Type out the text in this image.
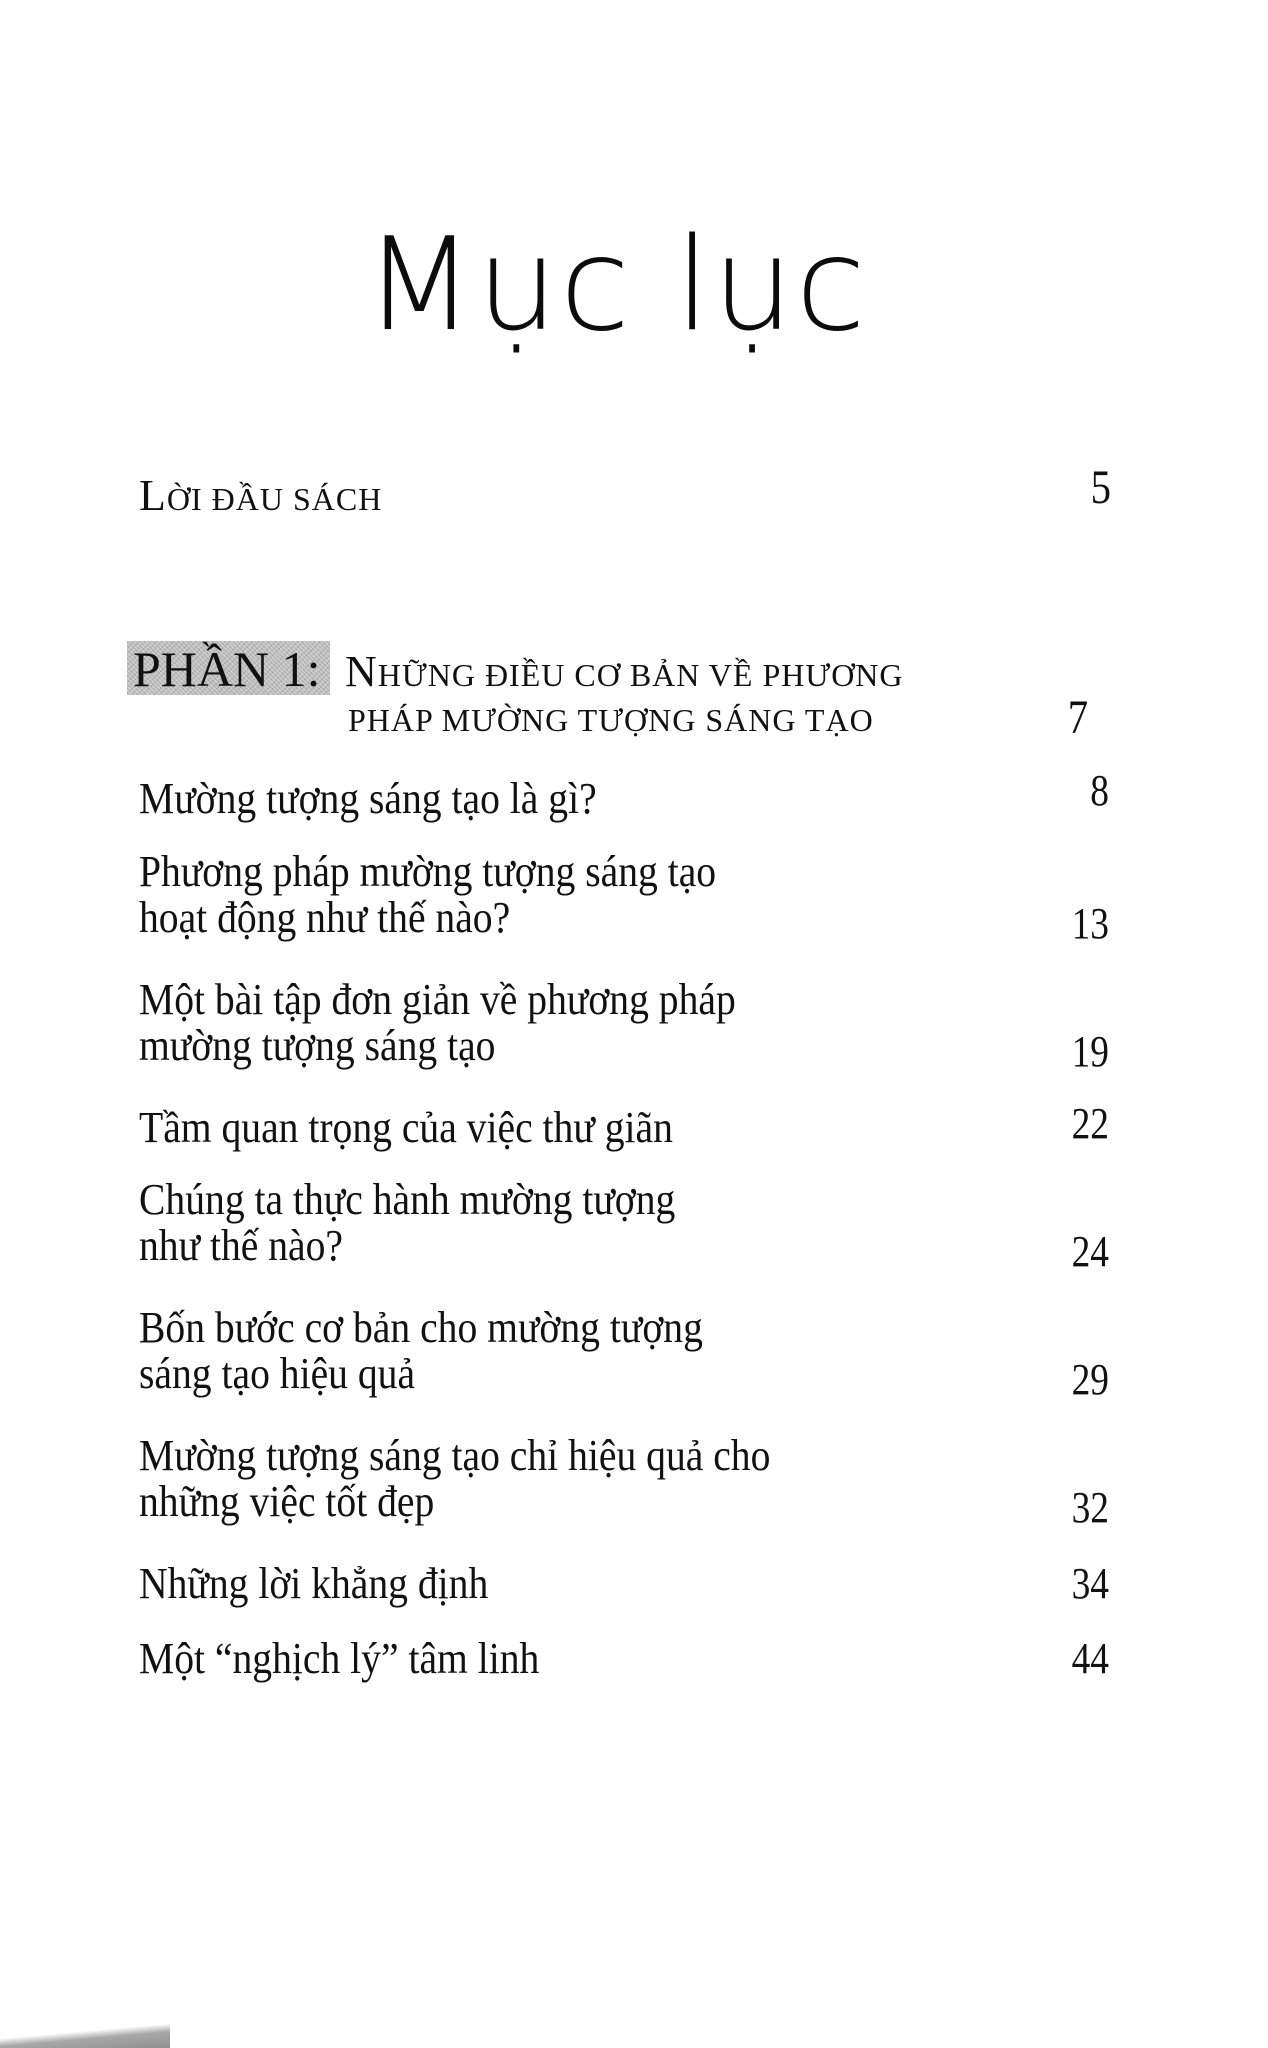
Mục lục
LỜI ĐẦU SÁCH	5
PHẦN 1: NHỮNG ĐIỀU CƠ BẢN VỀ PHƯƠNG
PHÁP MƯỜNG TƯỢNG SÁNG TẠO	7
Mường tượng sáng tạo là gì?	8
Phương pháp mường tượng sáng tạo
hoạt động như thế nào?	13
Một bài tập đơn giản về phương pháp
mường tượng sáng tạo	19
Tầm quan trọng của việc thư giãn	22
Chúng ta thực hành mường tượng
như thế nào?	24
Bốn bước cơ bản cho mường tượng
sáng tạo hiệu quả	29
Mường tượng sáng tạo chỉ hiệu quả cho
những việc tốt đẹp	32
Những lời khẳng định	34
Một “nghịch lý” tâm linh	44
